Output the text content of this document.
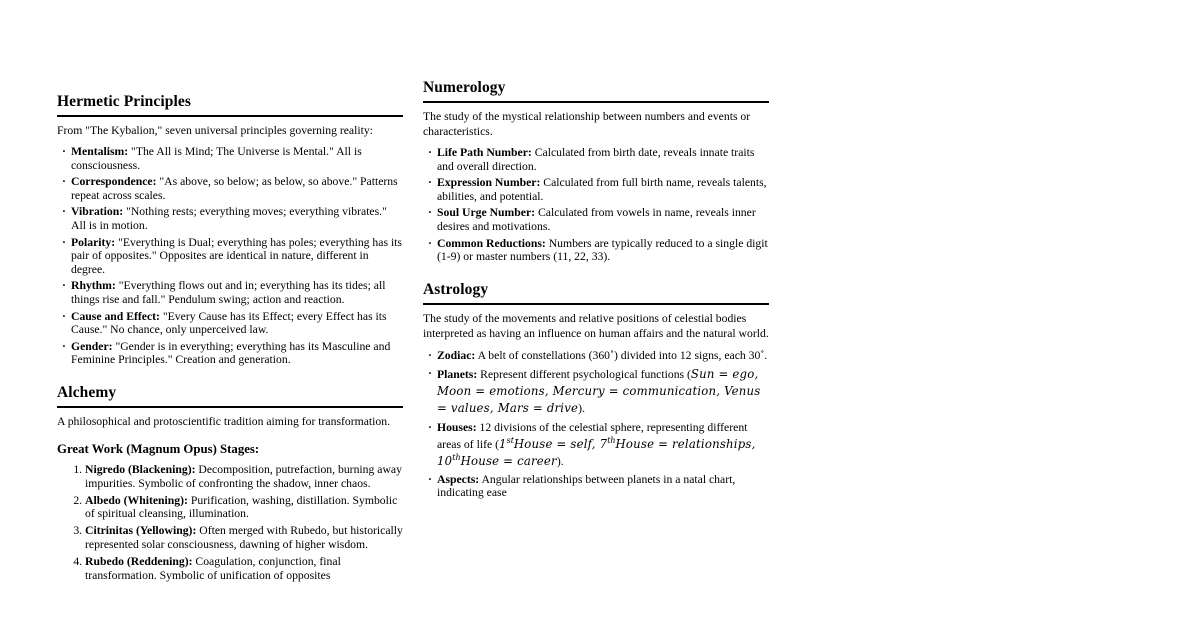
Hermetic Principles

From "The Kybalion," seven universal principles governing reality:

· Mentalism: "The All is Mind; The Universe is Mental." All is consciousness.
· Correspondence: "As above, so below; as below, so above." Patterns repeat across scales.
· Vibration: "Nothing rests; everything moves; everything vibrates." All is in motion.
· Polarity: "Everything is Dual; everything has poles; everything has its pair of opposites." Opposites are identical in nature, different in degree.
· Rhythm: "Everything flows out and in; everything has its tides; all things rise and fall." Pendulum swing; action and reaction.
· Cause and Effect: "Every Cause has its Effect; every Effect has its Cause." No chance, only unperceived law.
· Gender: "Gender is in everything; everything has its Masculine and Feminine Principles." Creation and generation.
Alchemy

A philosophical and protoscientific tradition aiming for transformation.

Great Work (Magnum Opus) Stages:
1. Nigredo (Blackening): Decomposition, putrefaction, burning away impurities. Symbolic of confronting the shadow, inner chaos.
2. Albedo (Whitening): Purification, washing, distillation. Symbolic of spiritual cleansing, illumination.
3. Citrinitas (Yellowing): Often merged with Rubedo, but historically represented solar consciousness, dawning of higher wisdom.
4. Rubedo (Reddening): Coagulation, conjunction, final transformation. Symbolic of unification of opposites
Numerology

The study of the mystical relationship between numbers and events or characteristics.

· Life Path Number: Calculated from birth date, reveals innate traits and overall direction.
· Expression Number: Calculated from full birth name, reveals talents, abilities, and potential.
· Soul Urge Number: Calculated from vowels in name, reveals inner desires and motivations.
· Common Reductions: Numbers are typically reduced to a single digit (1-9) or master numbers (11, 22, 33).
Astrology

The study of the movements and relative positions of celestial bodies interpreted as having an influence on human affairs and the natural world.

· Zodiac: A belt of constellations (360∘) divided into 12 signs, each 30∘.
· Planets: Represent different psychological functions (Sun = ego, Moon = emotions, Mercury = communication, Venus = values, Mars = drive).
· Houses: 12 divisions of the celestial sphere, representing different areas of life (1stHouse = self, 7thHouse = relationships, 10thHouse = career).
· Aspects: Angular relationships between planets in a natal chart, indicating ease
